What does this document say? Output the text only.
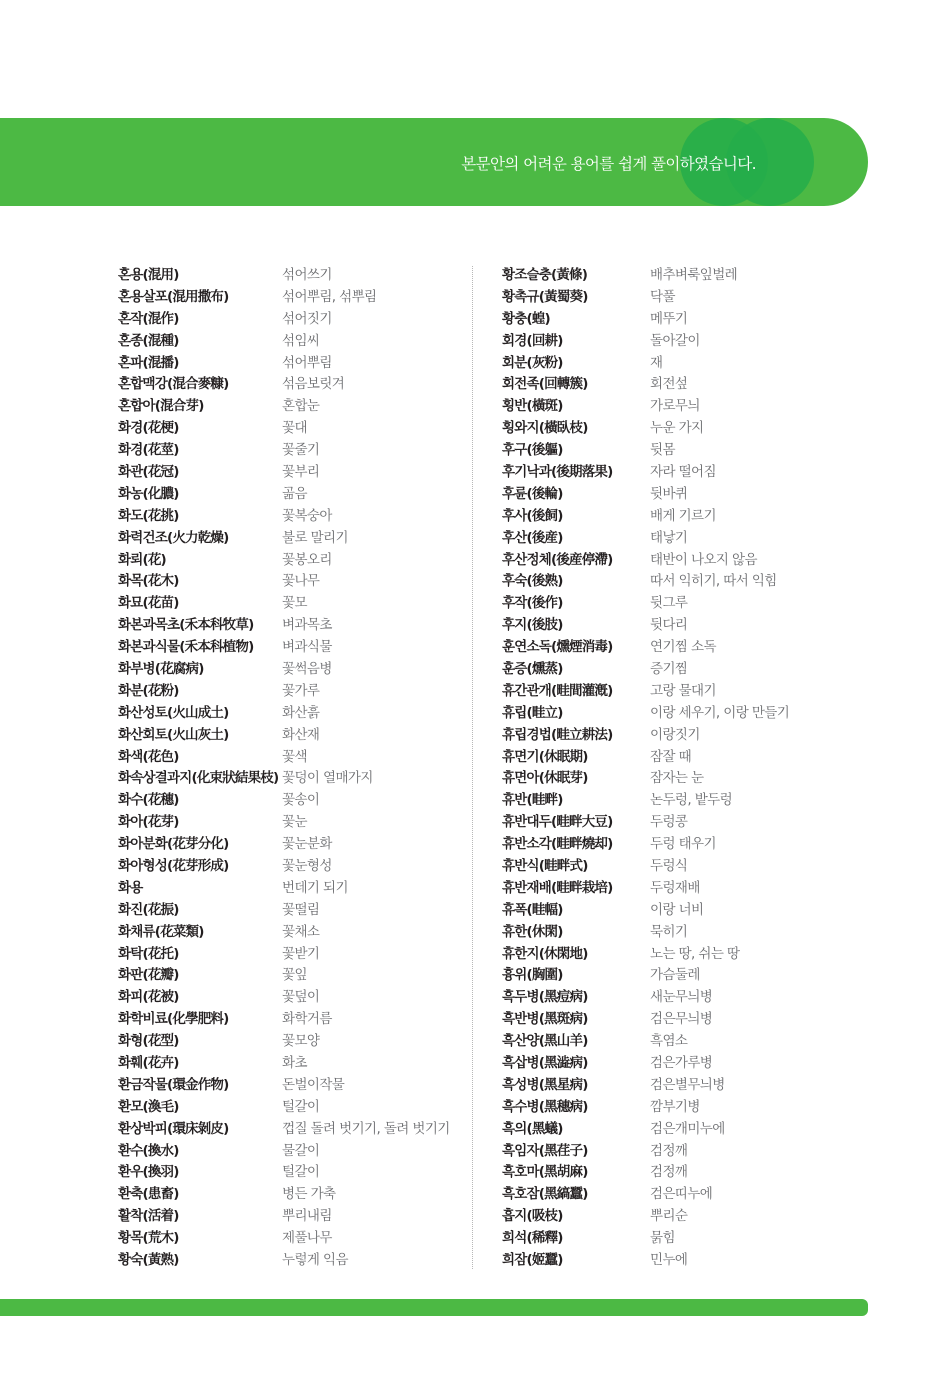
본문안의 어려운 용어를 쉽게 풀이하였습니다.
혼용(混用)	섞어쓰기
혼용살포(混用撒布)	섞어뿌림, 섞뿌림
혼작(混作)	섞어짓기
혼종(混種)	섞임씨
혼파(混播)	섞어뿌림
혼합맥강(混合麥糠)	섞음보릿겨
혼합아(混合芽)	혼합눈
화경(花梗)	꽃대
화경(花莖)	꽃줄기
화관(花冠)	꽃부리
화농(化膿)	곪음
화도(花挑)	꽃복숭아
화력건조(火力乾燥)	불로 말리기
화뢰(花)	꽃봉오리
화목(花木)	꽃나무
화묘(花苗)	꽃모
화본과목초(禾本科牧草)	벼과목초
화본과식물(禾本科植物)	벼과식물
화부병(花腐病)	꽃썩음병
화분(花粉)	꽃가루
화산성토(火山成土)	화산흙
화산회토(火山灰土)	화산재
화색(花色)	꽃색
화속상결과지(化束狀結果枝) 꽃덩이 열매가지
화수(花穗)	꽃송이
화아(花芽)	꽃눈
화아분화(花芽分化)	꽃눈분화
화아형성(花芽形成)	꽃눈형성
화용	번데기 되기
화진(花振)	꽃떨림
화채류(花菜類)	꽃채소
화탁(花托)	꽃받기
화판(花瓣)	꽃잎
화피(花被)	꽃덮이
화학비료(化學肥料)	화학거름
화형(花型)	꽃모양
화훼(花卉)	화초
환금작물(環金作物)	돈벌이작물
환모(渙毛)	털갈이
환상박피(環床剝皮)	껍질 돌려 벗기기, 돌려 벗기기
환수(換水)	물갈이
환우(換羽)	털갈이
환축(患畜)	병든 가축
활착(活着)	뿌리내림
황목(荒木)	제풀나무
황숙(黃熟)	누렇게 익음
황조슬충(黃條)	배추벼룩잎벌레
황촉규(黃蜀葵)	닥풀
황충(蝗)	메뚜기
회경(回耕)	돌아갈이
회분(灰粉)	재
회전족(回轉簇)	회전섶
횡반(橫斑)	가로무늬
횡와지(橫臥枝)	누운 가지
후구(後軀)	뒷몸
후기낙과(後期落果)	자라 떨어짐
후륜(後輪)	뒷바퀴
후사(後飼)	배게 기르기
후산(後産)	태낳기
후산정체(後産停滯)	태반이 나오지 않음
후숙(後熟)	따서 익히기, 따서 익힘
후작(後作)	뒷그루
후지(後肢)	뒷다리
훈연소독(燻煙消毒)	연기찜 소독
훈증(燻蒸)	증기찜
휴간관개(畦間灌漑)	고랑 물대기
휴립(畦立)	이랑 세우기, 이랑 만들기
휴립경법(畦立耕法)	이랑짓기
휴면기(休眠期)	잠잘 때
휴면아(休眠芽)	잠자는 눈
휴반(畦畔)	논두렁, 밭두렁
휴반대두(畦畔大豆)	두렁콩
휴반소각(畦畔燒却)	두렁 태우기
휴반식(畦畔式)	두렁식
휴반재배(畦畔栽培)	두렁재배
휴폭(畦幅)	이랑 너비
휴한(休閑)	묵히기
휴한지(休閑地)	노는 땅, 쉬는 땅
흉위(胸圍)	가슴둘레
흑두병(黑痘病)	새눈무늬병
흑반병(黑斑病)	검은무늬병
흑산양(黑山羊)	흑염소
흑삽병(黑澁病)	검은가루병
흑성병(黑星病)	검은별무늬병
흑수병(黑穗病)	깜부기병
흑의(黑蟻)	검은개미누에
흑임자(黑荏子)	검정깨
흑호마(黑胡麻)	검정깨
흑호잠(黑縞蠶)	검은띠누에
흡지(吸枝)	뿌리순
희석(稀釋)	묽힘
희잠(姬蠶)	민누에
